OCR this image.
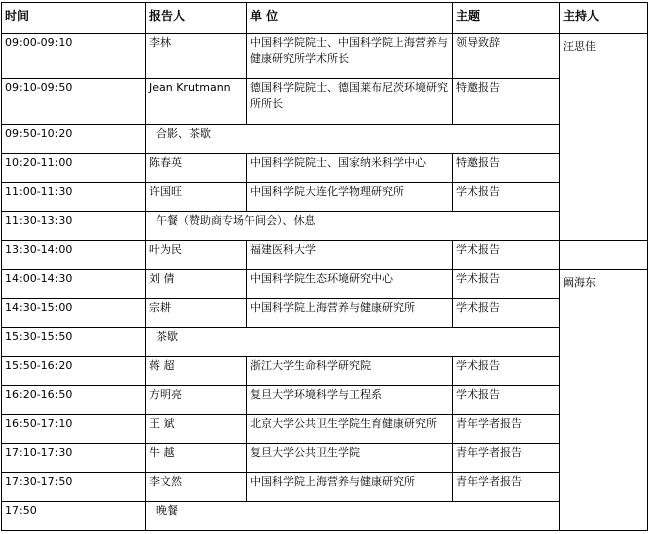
时间	报告人	单 位	主题	主持人
09:00-09:10	李林	中国科学院院士、中国科学院上海营养与健康研究所学术所长	领导致辞	汪思佳
09:10-09:50	Jean Krutmann	德国科学院院士、德国莱布尼茨环境研究所所长	特邀报告	
09:50-10:20	合影、茶歇			
10:20-11:00	陈春英	中国科学院院士、国家纳米科学中心	特邀报告	
11:00-11:30	许国旺	中国科学院大连化学物理研究所	学术报告	
11:30-13:30	午餐（赞助商专场午间会）、休息			
13:30-14:00	叶为民	福建医科大学	学术报告	
14:00-14:30	刘 倩	中国科学院生态环境研究中心	学术报告	阚海东
14:30-15:00	宗耕	中国科学院上海营养与健康研究所	学术报告	
15:30-15:50	茶歇			
15:50-16:20	蒋 超	浙江大学生命科学研究院	学术报告	
16:20-16:50	方明亮	复旦大学环境科学与工程系	学术报告	
16:50-17:10	王 斌	北京大学公共卫生学院生育健康研究所	青年学者报告	
17:10-17:30	牛 越	复旦大学公共卫生学院	青年学者报告	
17:30-17:50	李文然	中国科学院上海营养与健康研究所	青年学者报告	
17:50	晚餐			
